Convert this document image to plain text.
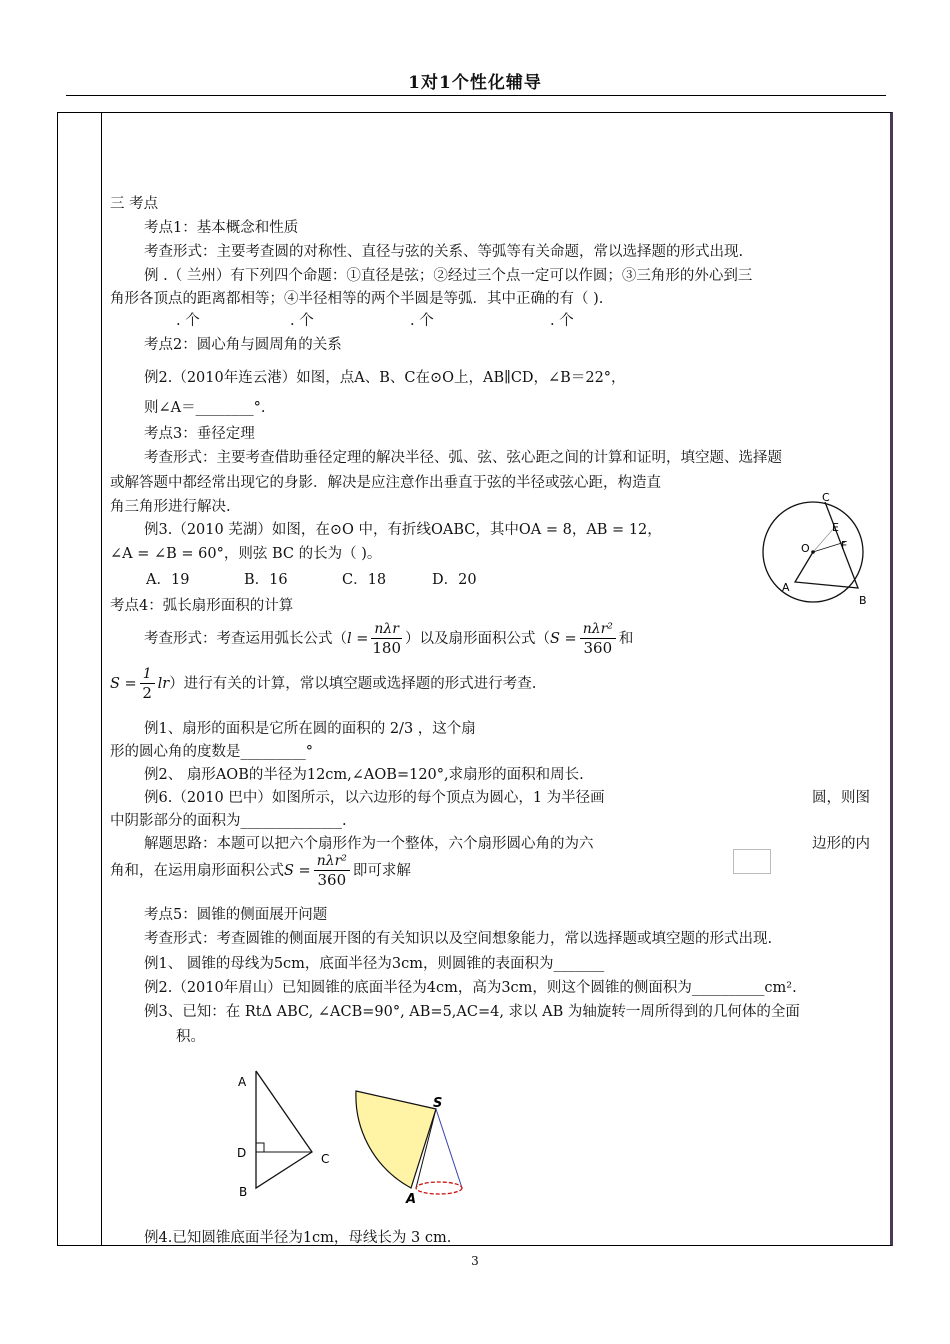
1对1个性化辅导
三 考点
考点1：基本概念和性质
考查形式：主要考查圆的对称性、直径与弦的关系、等弧等有关命题，常以选择题的形式出现.
例 .（ 兰州）有下列四个命题：①直径是弦；②经过三个点一定可以作圆；③三角形的外心到三
角形各顶点的距离都相等；④半径相等的两个半圆是等弧．其中正确的有（ ).
. 个	. 个	. 个	. 个
考点2：圆心角与圆周角的关系
例2.（2010年连云港）如图，点A、B、C在⊙O上，AB∥CD，∠B＝22°，
则∠A＝________°.
考点3：垂径定理
考查形式：主要考查借助垂径定理的解决半径、弧、弦、弦心距之间的计算和证明，填空题、选择题
或解答题中都经常出现它的身影．解决是应注意作出垂直于弦的半径或弦心距，构造直
角三角形进行解决.
例3.（2010 芜湖）如图，在⊙O 中，有折线OABC，其中OA = 8，AB = 12，
∠A = ∠B = 60°，则弦 BC 的长为（ )。
A．19	B．16	C．18	D．20
C
E
O	F
A
B
考点4：弧长扇形面积的计算
考查形式：考查运用弧长公式（$l = \frac{\text{nλr}}{180}$ ）以及扇形面积公式（$S = \frac{\text{nλr²}}{360}$ 和
$S = \frac{1}{2} lr$）进行有关的计算，常以填空题或选择题的形式进行考查.
例1、扇形的面积是它所在圆的面积的 2/3 ，这个扇
形的圆心角的度数是_________°
例2、 扇形AOB的半径为12cm,∠AOB=120°,求扇形的面积和周长.
例6.（2010 巴中）如图所示，以六边形的每个顶点为圆心，1 为半径画	圆，则图
中阴影部分的面积为______________.
解题思路：本题可以把六个扇形作为一个整体，六个扇形圆心角的为六	边形的内
角和，在运用扇形面积公式$S = \frac{\text{nλr²}}{360}$ 即可求解
考点5：圆锥的侧面展开问题
考查形式：考查圆锥的侧面展开图的有关知识以及空间想象能力，常以选择题或填空题的形式出现.
例1、 圆锥的母线为5cm，底面半径为3cm，则圆锥的表面积为_______
例2.（2010年眉山）已知圆锥的底面半径为4cm，高为3cm，则这个圆锥的侧面积为__________cm².
例3、已知：在 RtΔ ABC, ∠ACB=90°, AB=5,AC=4, 求以 AB 为轴旋转一周所得到的几何体的全面
积。
A
D	C
B
S
A
例4.已知圆锥底面半径为1cm，母线长为 3 cm.
3
